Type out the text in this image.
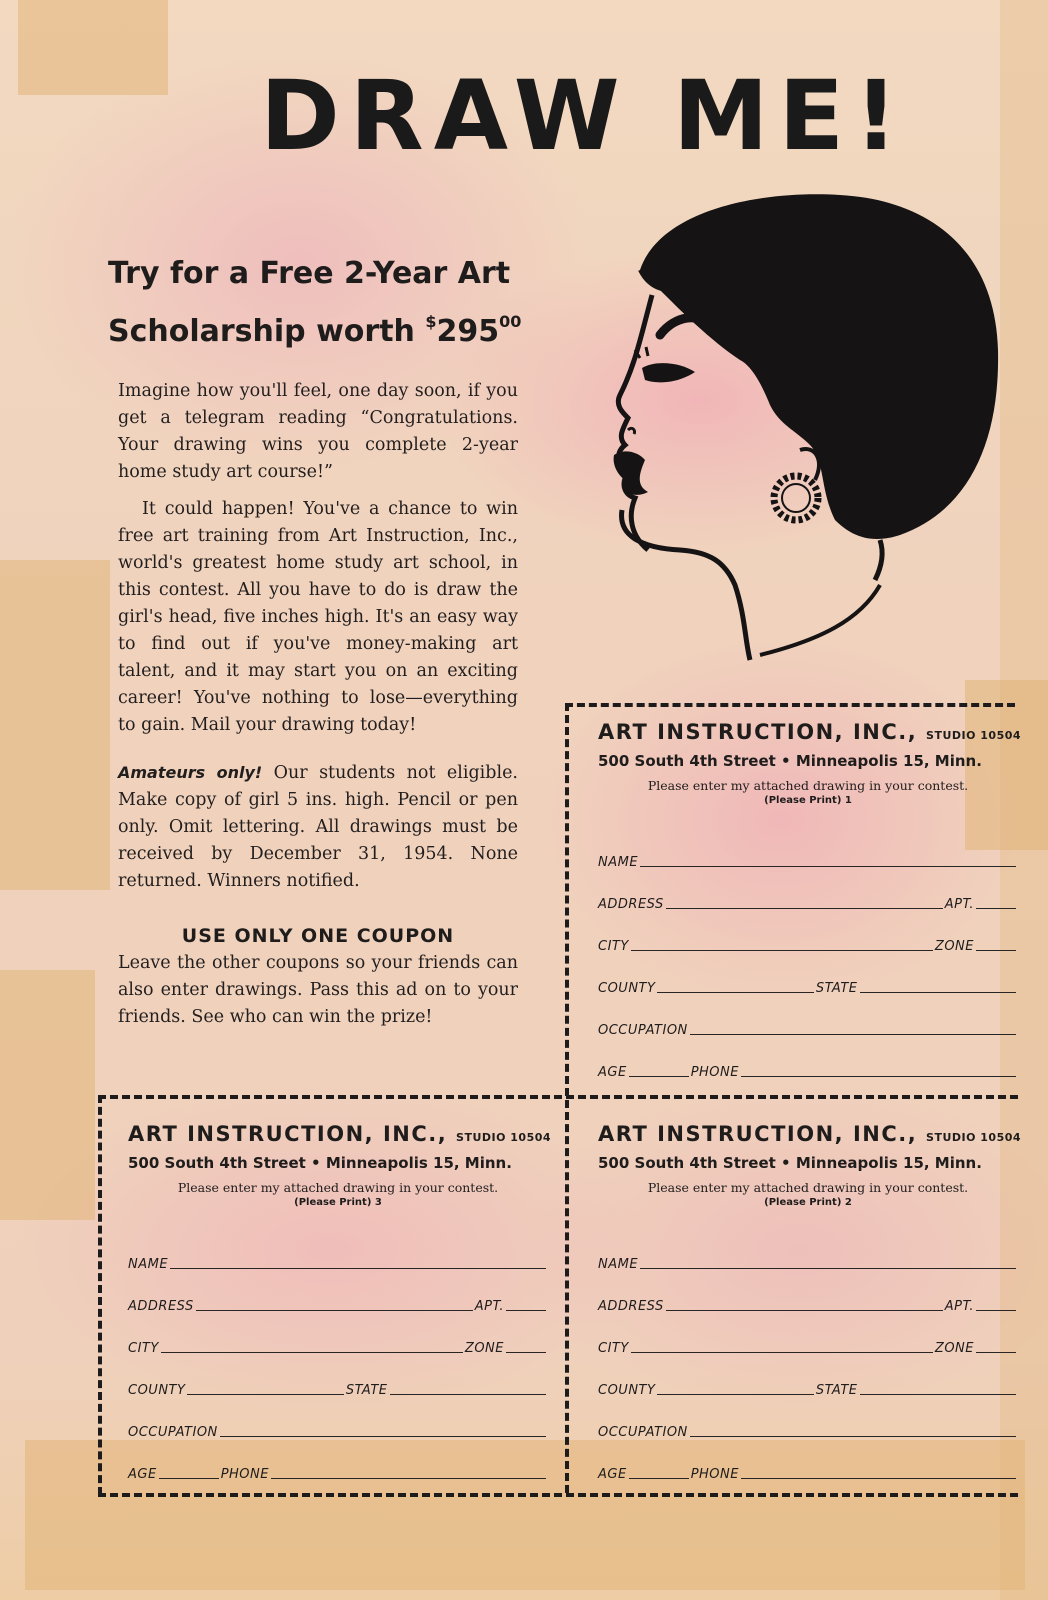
DRAW ME!
Try for a Free 2-Year Art
Scholarship worth $^{\$}295^{00}$

Imagine how you'll feel, one day soon, if you get a telegram reading “Congratulations. Your drawing wins you complete 2-year home study art course!”

It could happen! You've a chance to win free art training from Art Instruction, Inc., world's greatest home study art school, in this contest. All you have to do is draw the girl's head, five inches high. It's an easy way to find out if you've money-making art talent, and it may start you on an exciting career! You've nothing to lose—everything to gain. Mail your drawing today!

Amateurs only! Our students not eligible. Make copy of girl 5 ins. high. Pencil or pen only. Omit lettering. All drawings must be received by December 31, 1954. None returned. Winners notified.

USE ONLY ONE COUPON

Leave the other coupons so your friends can also enter drawings. Pass this ad on to your friends. See who can win the prize!

ART INSTRUCTION, INC., STUDIO 10504
500 South 4th Street • Minneapolis 15, Minn.
Please enter my attached drawing in your contest.
(Please Print) 1
NAME
ADDRESS	APT.
CITY	ZONE
COUNTY	STATE
OCCUPATION
AGE	PHONE
ART INSTRUCTION, INC., STUDIO 10504
500 South 4th Street • Minneapolis 15, Minn.
Please enter my attached drawing in your contest.
(Please Print) 3
NAME
ADDRESS	APT.
CITY	ZONE
COUNTY	STATE
OCCUPATION
AGE	PHONE
ART INSTRUCTION, INC., STUDIO 10504
500 South 4th Street • Minneapolis 15, Minn.
Please enter my attached drawing in your contest.
(Please Print) 2
NAME
ADDRESS	APT.
CITY	ZONE
COUNTY	STATE
OCCUPATION
AGE	PHONE
